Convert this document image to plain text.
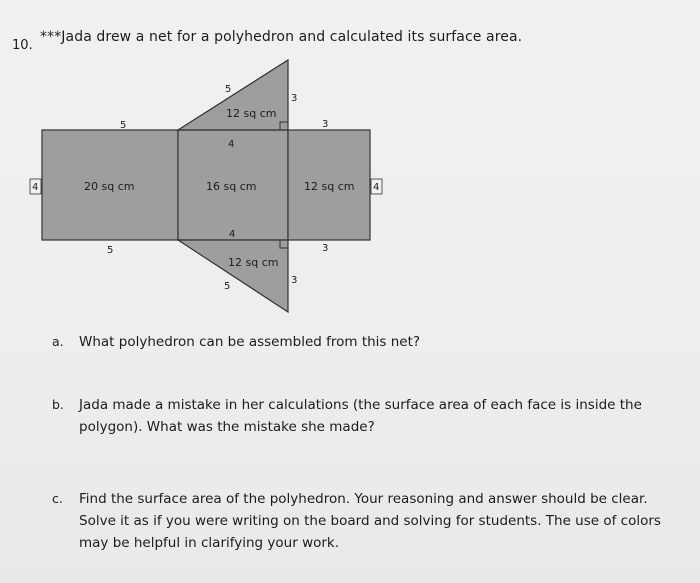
10.
***Jada drew a net for a polyhedron and calculated its surface area.
5
20 sq cm
5
4
4
16 sq cm
4
3
12 sq cm
3
4
5
12 sq cm
3
12 sq cm
5
3
a. What polyhedron can be assembled from this net?
b. Jada made a mistake in her calculations (the surface area of each face is inside the polygon). What was the mistake she made?
c. Find the surface area of the polyhedron. Your reasoning and answer should be clear. Solve it as if you were writing on the board and solving for students. The use of colors may be helpful in clarifying your work.
